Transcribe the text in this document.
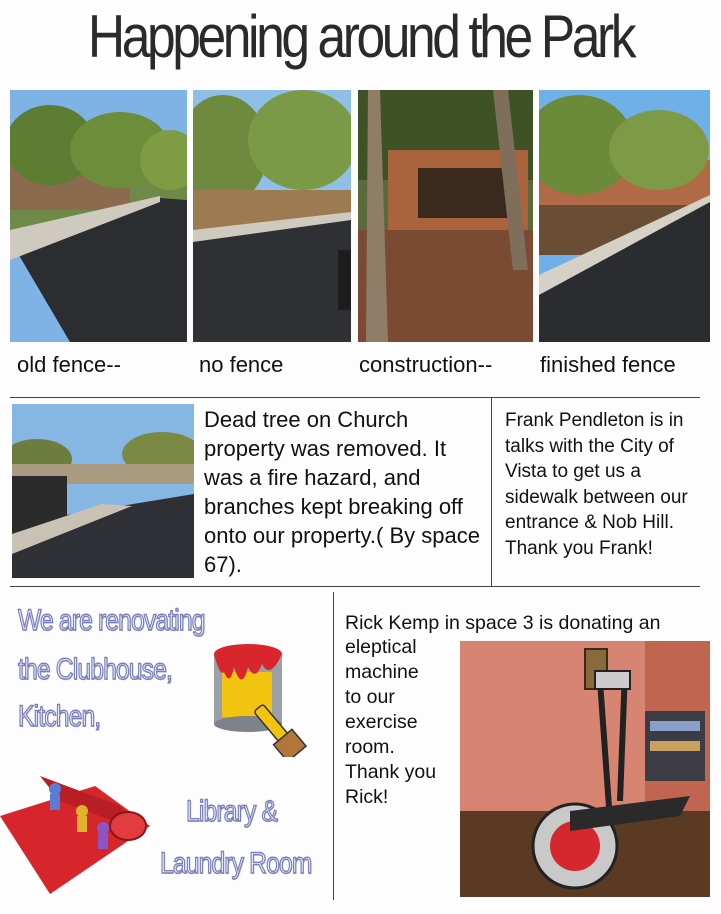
Happening around the Park
old fence--	no fence	construction-- finished fence
Dead tree on Church property was removed. It was a fire hazard, and branches kept breaking off onto our property.( By space 67).
Frank Pendleton is in talks with the City of Vista to get us a sidewalk between our entrance & Nob Hill. Thank you Frank!
We are renovating
the Clubhouse,
Kitchen,
Library &
Laundry Room
Rick Kemp in space 3 is donating an
eleptical
machine
to our
exercise
room.
Thank you
Rick!
